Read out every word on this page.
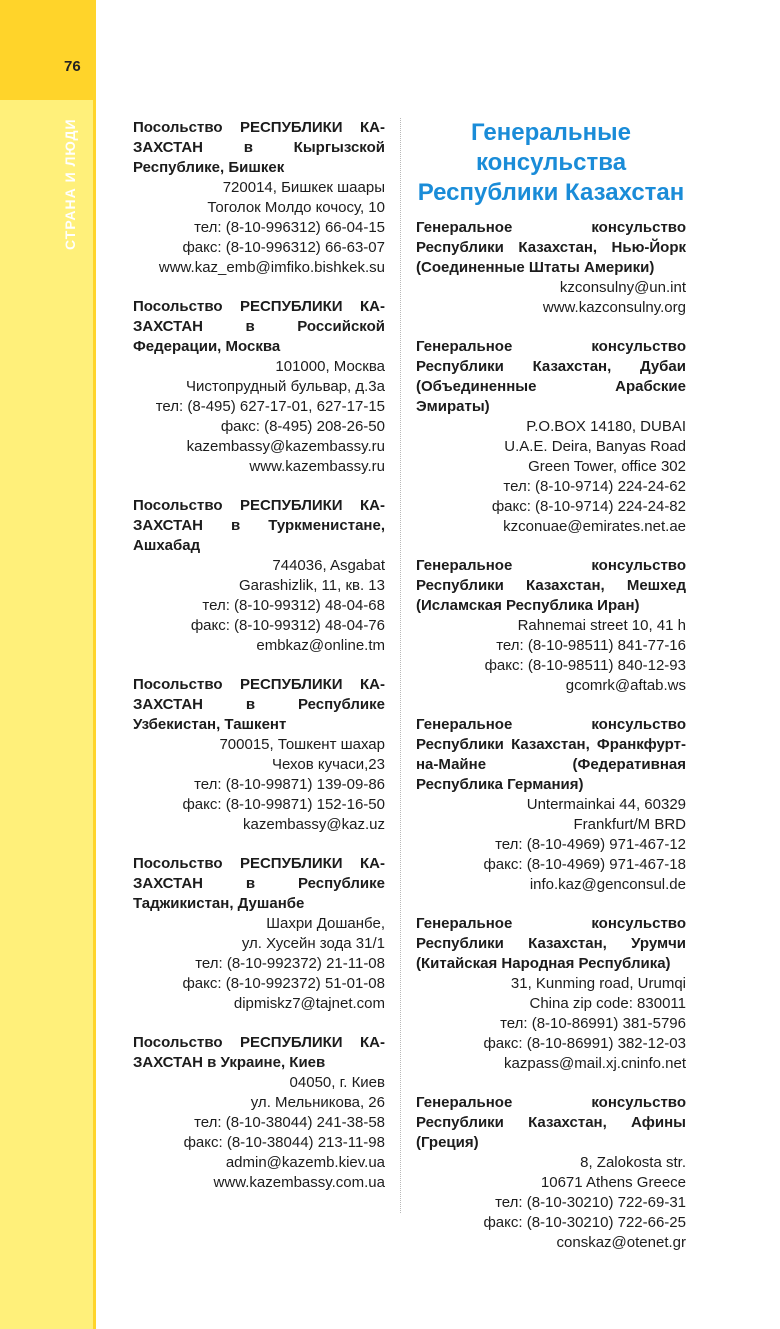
76
СТРАНА И ЛЮДИ	Посольство РЕСПУБЛИКИ КА-ЗАХСТАН в Кыргызской Республике, Бишкек
720014, Бишкек шаары
Тоголок Молдо кочосу, 10
тел: (8-10-996312) 66-04-15
факс: (8-10-996312) 66-63-07
www.kaz_emb@imfiko.bishkek.su
Посольство РЕСПУБЛИКИ КА-ЗАХСТАН в Российской Федерации, Москва
101000, Москва
Чистопрудный бульвар, д.3а
тел: (8-495) 627-17-01, 627-17-15
факс: (8-495) 208-26-50
kazembassy@kazembassy.ru
www.kazembassy.ru
Посольство РЕСПУБЛИКИ КА-ЗАХСТАН в Туркменистане, Ашхабад
744036, Asgabat
Garashizlik, 11, кв. 13
тел: (8-10-99312) 48-04-68
факс: (8-10-99312) 48-04-76
embkaz@online.tm
Посольство РЕСПУБЛИКИ КА-ЗАХСТАН в Республике Узбекистан, Ташкент
700015, Тошкент шахар
Чехов кучаси,23
тел: (8-10-99871) 139-09-86
факс: (8-10-99871) 152-16-50
kazembassy@kaz.uz
Посольство РЕСПУБЛИКИ КА-ЗАХСТАН в Республике Таджикистан, Душанбе
Шахри Дошанбе,
ул. Хусейн зода 31/1
тел: (8-10-992372) 21-11-08
факс: (8-10-992372) 51-01-08
dipmiskz7@tajnet.com
Посольство РЕСПУБЛИКИ КА-ЗАХСТАН в Украине, Киев
04050, г. Киев
ул. Мельникова, 26
тел: (8-10-38044) 241-38-58
факс: (8-10-38044) 213-11-98
admin@kazemb.kiev.ua
www.kazembassy.com.ua
Генеральные консульства Республики Казахстан
Генеральное консульство Республики Казахстан, Нью-Йорк (Соединенные Штаты Америки)
kzconsulny@un.int
www.kazconsulny.org
Генеральное консульство Республики Казахстан, Дубаи (Объединенные Арабские Эмираты)
P.O.BOX 14180, DUBAI
U.A.E. Deira, Banyas Road
Green Tower, office 302
тел: (8-10-9714) 224-24-62
факс: (8-10-9714) 224-24-82
kzconuae@emirates.net.ae
Генеральное консульство Республики Казахстан, Мешхед (Исламская Республика Иран)
Rahnemai street 10, 41 h
тел: (8-10-98511) 841-77-16
факс: (8-10-98511) 840-12-93
gcomrk@aftab.ws
Генеральное консульство Республики Казахстан, Франкфурт-на-Майне (Федеративная Республика Германия)
Untermainkai 44, 60329
Frankfurt/M BRD
тел: (8-10-4969) 971-467-12
факс: (8-10-4969) 971-467-18
info.kaz@genconsul.de
Генеральное консульство Республики Казахстан, Урумчи (Китайская Народная Республика)
31, Kunming road, Urumqi
China zip code: 830011
тел: (8-10-86991) 381-5796
факс: (8-10-86991) 382-12-03
kazpass@mail.xj.cninfo.net
Генеральное консульство Республики Казахстан, Афины (Греция)
8, Zalokosta str.
10671 Athens Greece
тел: (8-10-30210) 722-69-31
факс: (8-10-30210) 722-66-25
conskaz@otenet.gr
